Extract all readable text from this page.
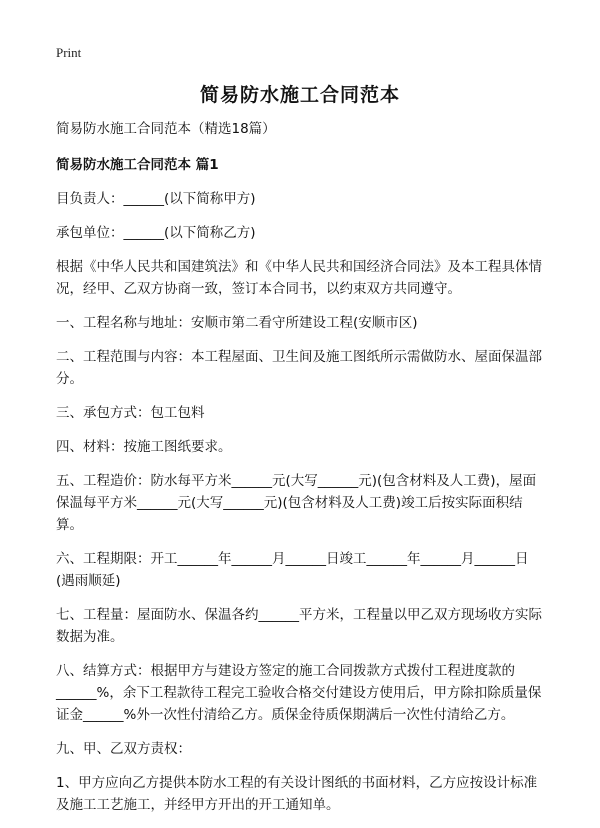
Print
简易防水施工合同范本
简易防水施工合同范本（精选18篇）
简易防水施工合同范本 篇1
目负责人：______(以下简称甲方)
承包单位：______(以下简称乙方)
根据《中华人民共和国建筑法》和《中华人民共和国经济合同法》及本工程具体情况，经甲、乙双方协商一致，签订本合同书，以约束双方共同遵守。
一、工程名称与地址：安顺市第二看守所建设工程(安顺市区)
二、工程范围与内容：本工程屋面、卫生间及施工图纸所示需做防水、屋面保温部分。
三、承包方式：包工包料
四、材料：按施工图纸要求。
五、工程造价：防水每平方米______元(大写______元)(包含材料及人工费)，屋面保温每平方米______元(大写______元)(包含材料及人工费)竣工后按实际面积结算。
六、工程期限：开工______年______月______日竣工______年______月______日(遇雨顺延)
七、工程量：屋面防水、保温各约______平方米，工程量以甲乙双方现场收方实际数据为准。
八、结算方式：根据甲方与建设方签定的施工合同拨款方式拨付工程进度款的______%，余下工程款待工程完工验收合格交付建设方使用后，甲方除扣除质量保证金______%外一次性付清给乙方。质保金待质保期满后一次性付清给乙方。
九、甲、乙双方责权：
1、甲方应向乙方提供本防水工程的有关设计图纸的书面材料，乙方应按设计标准及施工工艺施工，并经甲方开出的开工通知单。
